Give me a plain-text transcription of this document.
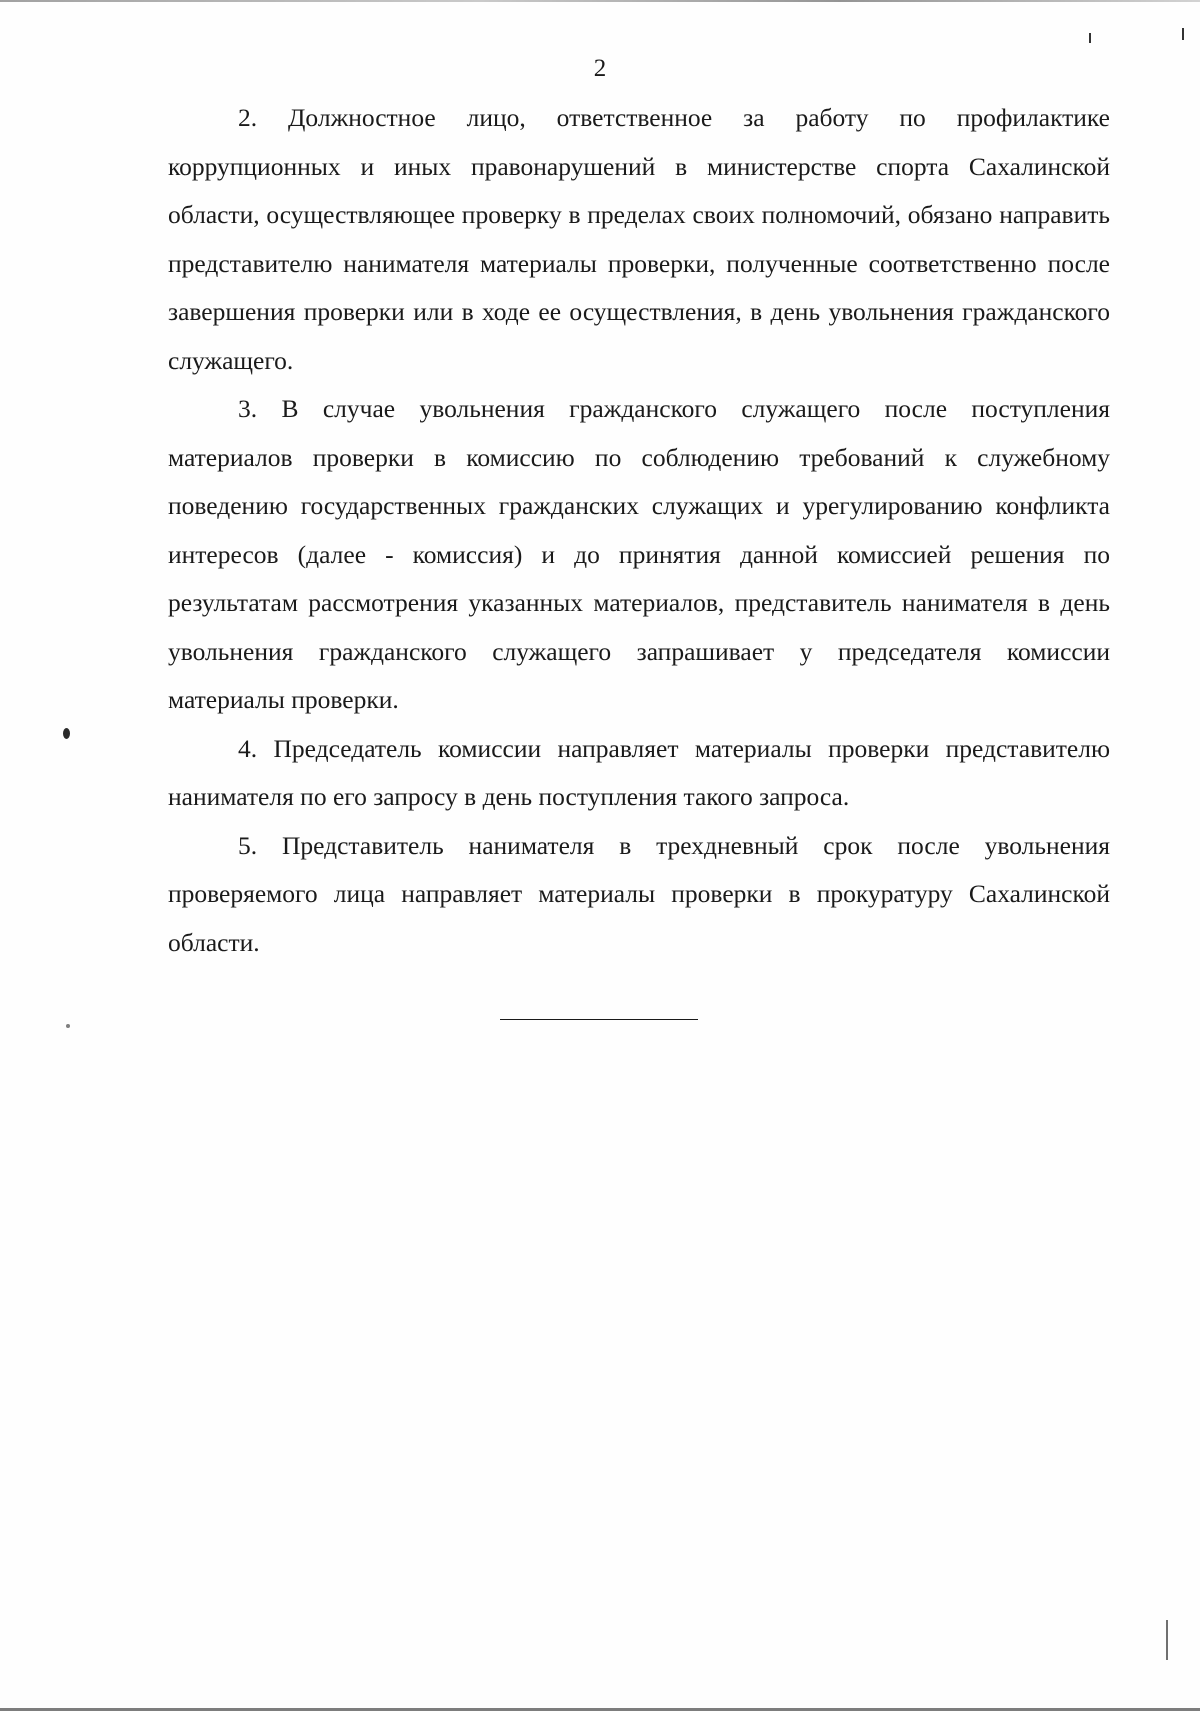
2

2. Должностное лицо, ответственное за работу по профилактике коррупционных и иных правонарушений в министерстве спорта Сахалинской области, осуществляющее проверку в пределах своих полномочий, обязано направить представителю нанимателя материалы проверки, полученные соответственно после завершения проверки или в ходе ее осуществления, в день увольнения гражданского служащего.

3. В случае увольнения гражданского служащего после поступления материалов проверки в комиссию по соблюдению требований к служебному поведению государственных гражданских служащих и урегулированию конфликта интересов (далее - комиссия) и до принятия данной комиссией решения по результатам рассмотрения указанных материалов, представитель нанимателя в день увольнения гражданского служащего запрашивает у председателя комиссии материалы проверки.

4. Председатель комиссии направляет материалы проверки представителю нанимателя по его запросу в день поступления такого запроса.

5. Представитель нанимателя в трехдневный срок после увольнения проверяемого лица направляет материалы проверки в прокуратуру Сахалинской области.
